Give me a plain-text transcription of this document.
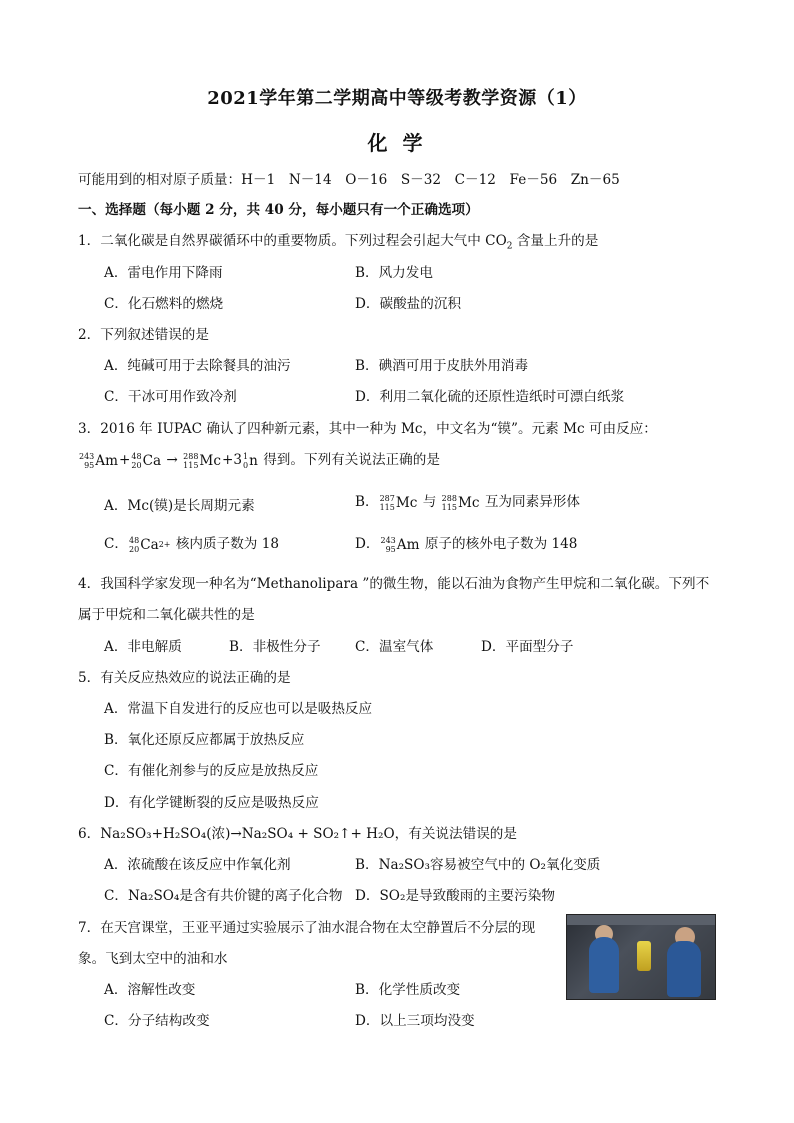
2021学年第二学期高中等级考教学资源（1）
化 学
可能用到的相对原子质量：H－1　N－14　O－16　S－32　C－12　Fe－56　Zn－65
一、选择题（每小题 2 分，共 40 分，每小题只有一个正确选项）
1．二氧化碳是自然界碳循环中的重要物质。下列过程会引起大气中 $CO_2$ 含量上升的是
A．雷电作用下降雨	B．风力发电
C．化石燃料的燃烧	D．碳酸盐的沉积
2．下列叙述错误的是
A．纯碱可用于去除餐具的油污	B．碘酒可用于皮肤外用消毒
C．干冰可用作致冷剂	D．利用二氧化硫的还原性造纸时可漂白纸浆
3．2016 年 IUPAC 确认了四种新元素，其中一种为 Mc，中文名为“镆”。元素 Mc 可由反应：
243
95 Am + 48
20 Ca → 288
115 Mc +3 1
0 n 得到。下列有关说法正确的是
A．Mc(镆)是长周期元素	B． 287
115 Mc 与 288
115 Mc 互为同素异形体
C． 48
20 Ca 2+ 核内质子数为 18	D． 243
95 Am 原子的核外电子数为 148
4．我国科学家发现一种名为“Methanolipara ”的微生物，能以石油为食物产生甲烷和二氧化碳。下列不
属于甲烷和二氧化碳共性的是
A．非电解质	B．非极性分子	C．温室气体	D．平面型分子
5．有关反应热效应的说法正确的是
A．常温下自发进行的反应也可以是吸热反应
B．氧化还原反应都属于放热反应
C．有催化剂参与的反应是放热反应
D．有化学键断裂的反应是吸热反应
6．Na₂SO₃+H₂SO₄(浓)→Na₂SO₄ + SO₂↑+ H₂O，有关说法错误的是
A．浓硫酸在该反应中作氧化剂	B．Na₂SO₃容易被空气中的 O₂氧化变质
C．Na₂SO₄是含有共价键的离子化合物 D．SO₂是导致酸雨的主要污染物
7．在天宫课堂，王亚平通过实验展示了油水混合物在太空静置后不分层的现
象。飞到太空中的油和水
A．溶解性改变	B．化学性质改变
C．分子结构改变	D．以上三项均没变
